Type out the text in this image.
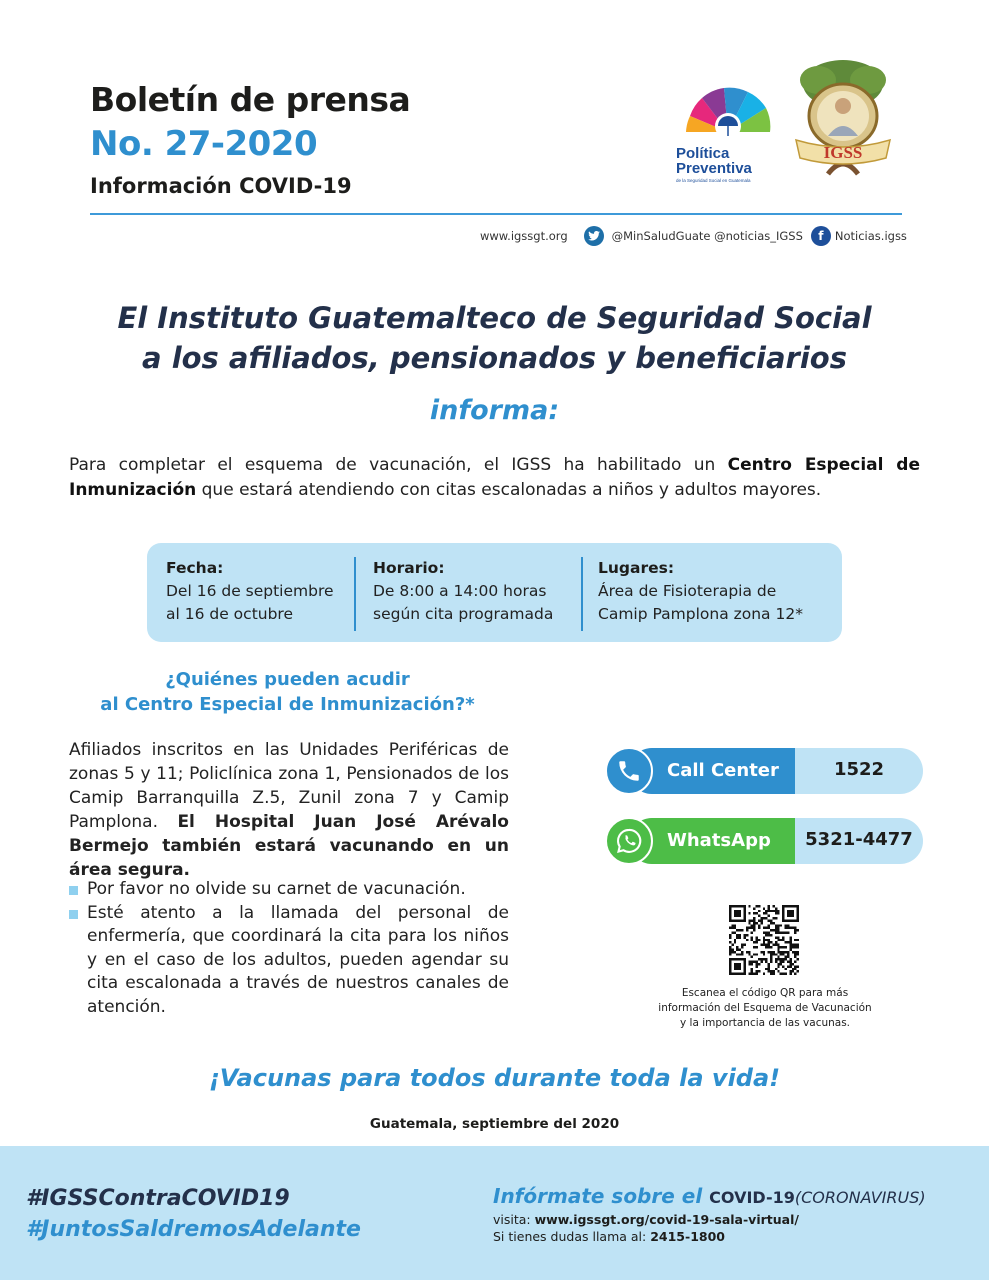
Boletín de prensa
No. 27-2020
Información COVID-19
Política
Preventiva
de la Seguridad Social en Guatemala
IGSS
www.igssgt.org	@MinSaludGuate @noticias_IGSS	f Noticias.igss
El Instituto Guatemalteco de Seguridad Social
a los afiliados, pensionados y beneficiarios
informa:
Para completar el esquema de vacunación, el IGSS ha habilitado un Centro Especial de Inmunización que estará atendiendo con citas escalonadas a niños y adultos mayores.
Fecha:
Del 16 de septiembre
al 16 de octubre
Horario:
De 8:00 a 14:00 horas
según cita programada
Lugares:
Área de Fisioterapia de
Camip Pamplona zona 12*
¿Quiénes pueden acudir
al Centro Especial de Inmunización?*
Afiliados inscritos en las Unidades Periféricas de zonas 5 y 11; Policlínica zona 1, Pensionados de los Camip Barranquilla Z.5, Zunil zona 7 y Camip Pamplona. El Hospital Juan José Arévalo Bermejo también estará vacunando en un área segura.
Por favor no olvide su carnet de vacunación.
Esté atento a la llamada del personal de enfermería, que coordinará la cita para los niños y en el caso de los adultos, pueden agendar su cita escalonada a través de nuestros canales de atención.
Call Center	1522
WhatsApp	5321-4477
Escanea el código QR para más
información del Esquema de Vacunación
y la importancia de las vacunas.
¡Vacunas para todos durante toda la vida!
Guatemala, septiembre del 2020
#IGSSContraCOVID19
#JuntosSaldremosAdelante
Infórmate sobre el COVID-19(CORONAVIRUS)
visita: www.igssgt.org/covid-19-sala-virtual/
Si tienes dudas llama al: 2415-1800
